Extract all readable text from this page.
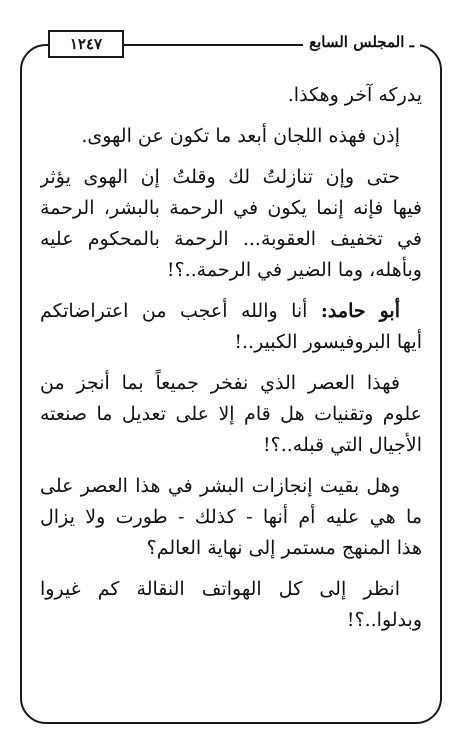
ـ المجلس السابع
١٢٤٧
يدركه آخر وهكذا.
إذن فهذه اللجان أبعد ما تكون عن الهوى.
حتى وإن تنازلتُ لك وقلتُ إن الهوى يؤثر
فيها فإنه إنما يكون في الرحمة بالبشر، الرحمة
في تخفيف العقوبة... الرحمة بالمحكوم عليه
وبأهله، وما الضير في الرحمة..؟!
أبو حامد: أنا والله أعجب من اعتراضاتكم
أيها البروفيسور الكبير..!
فهذا العصر الذي نفخر جميعاً بما أنجز من
علوم وتقنيات هل قام إلا على تعديل ما صنعته
الأجيال التي قبله..؟!
وهل بقيت إنجازات البشر في هذا العصر على
ما هي عليه أم أنها - كذلك - طورت ولا يزال
هذا المنهج مستمر إلى نهاية العالم؟
انظر إلى كل الهواتف النقالة كم غيروا
وبدلوا..؟!
